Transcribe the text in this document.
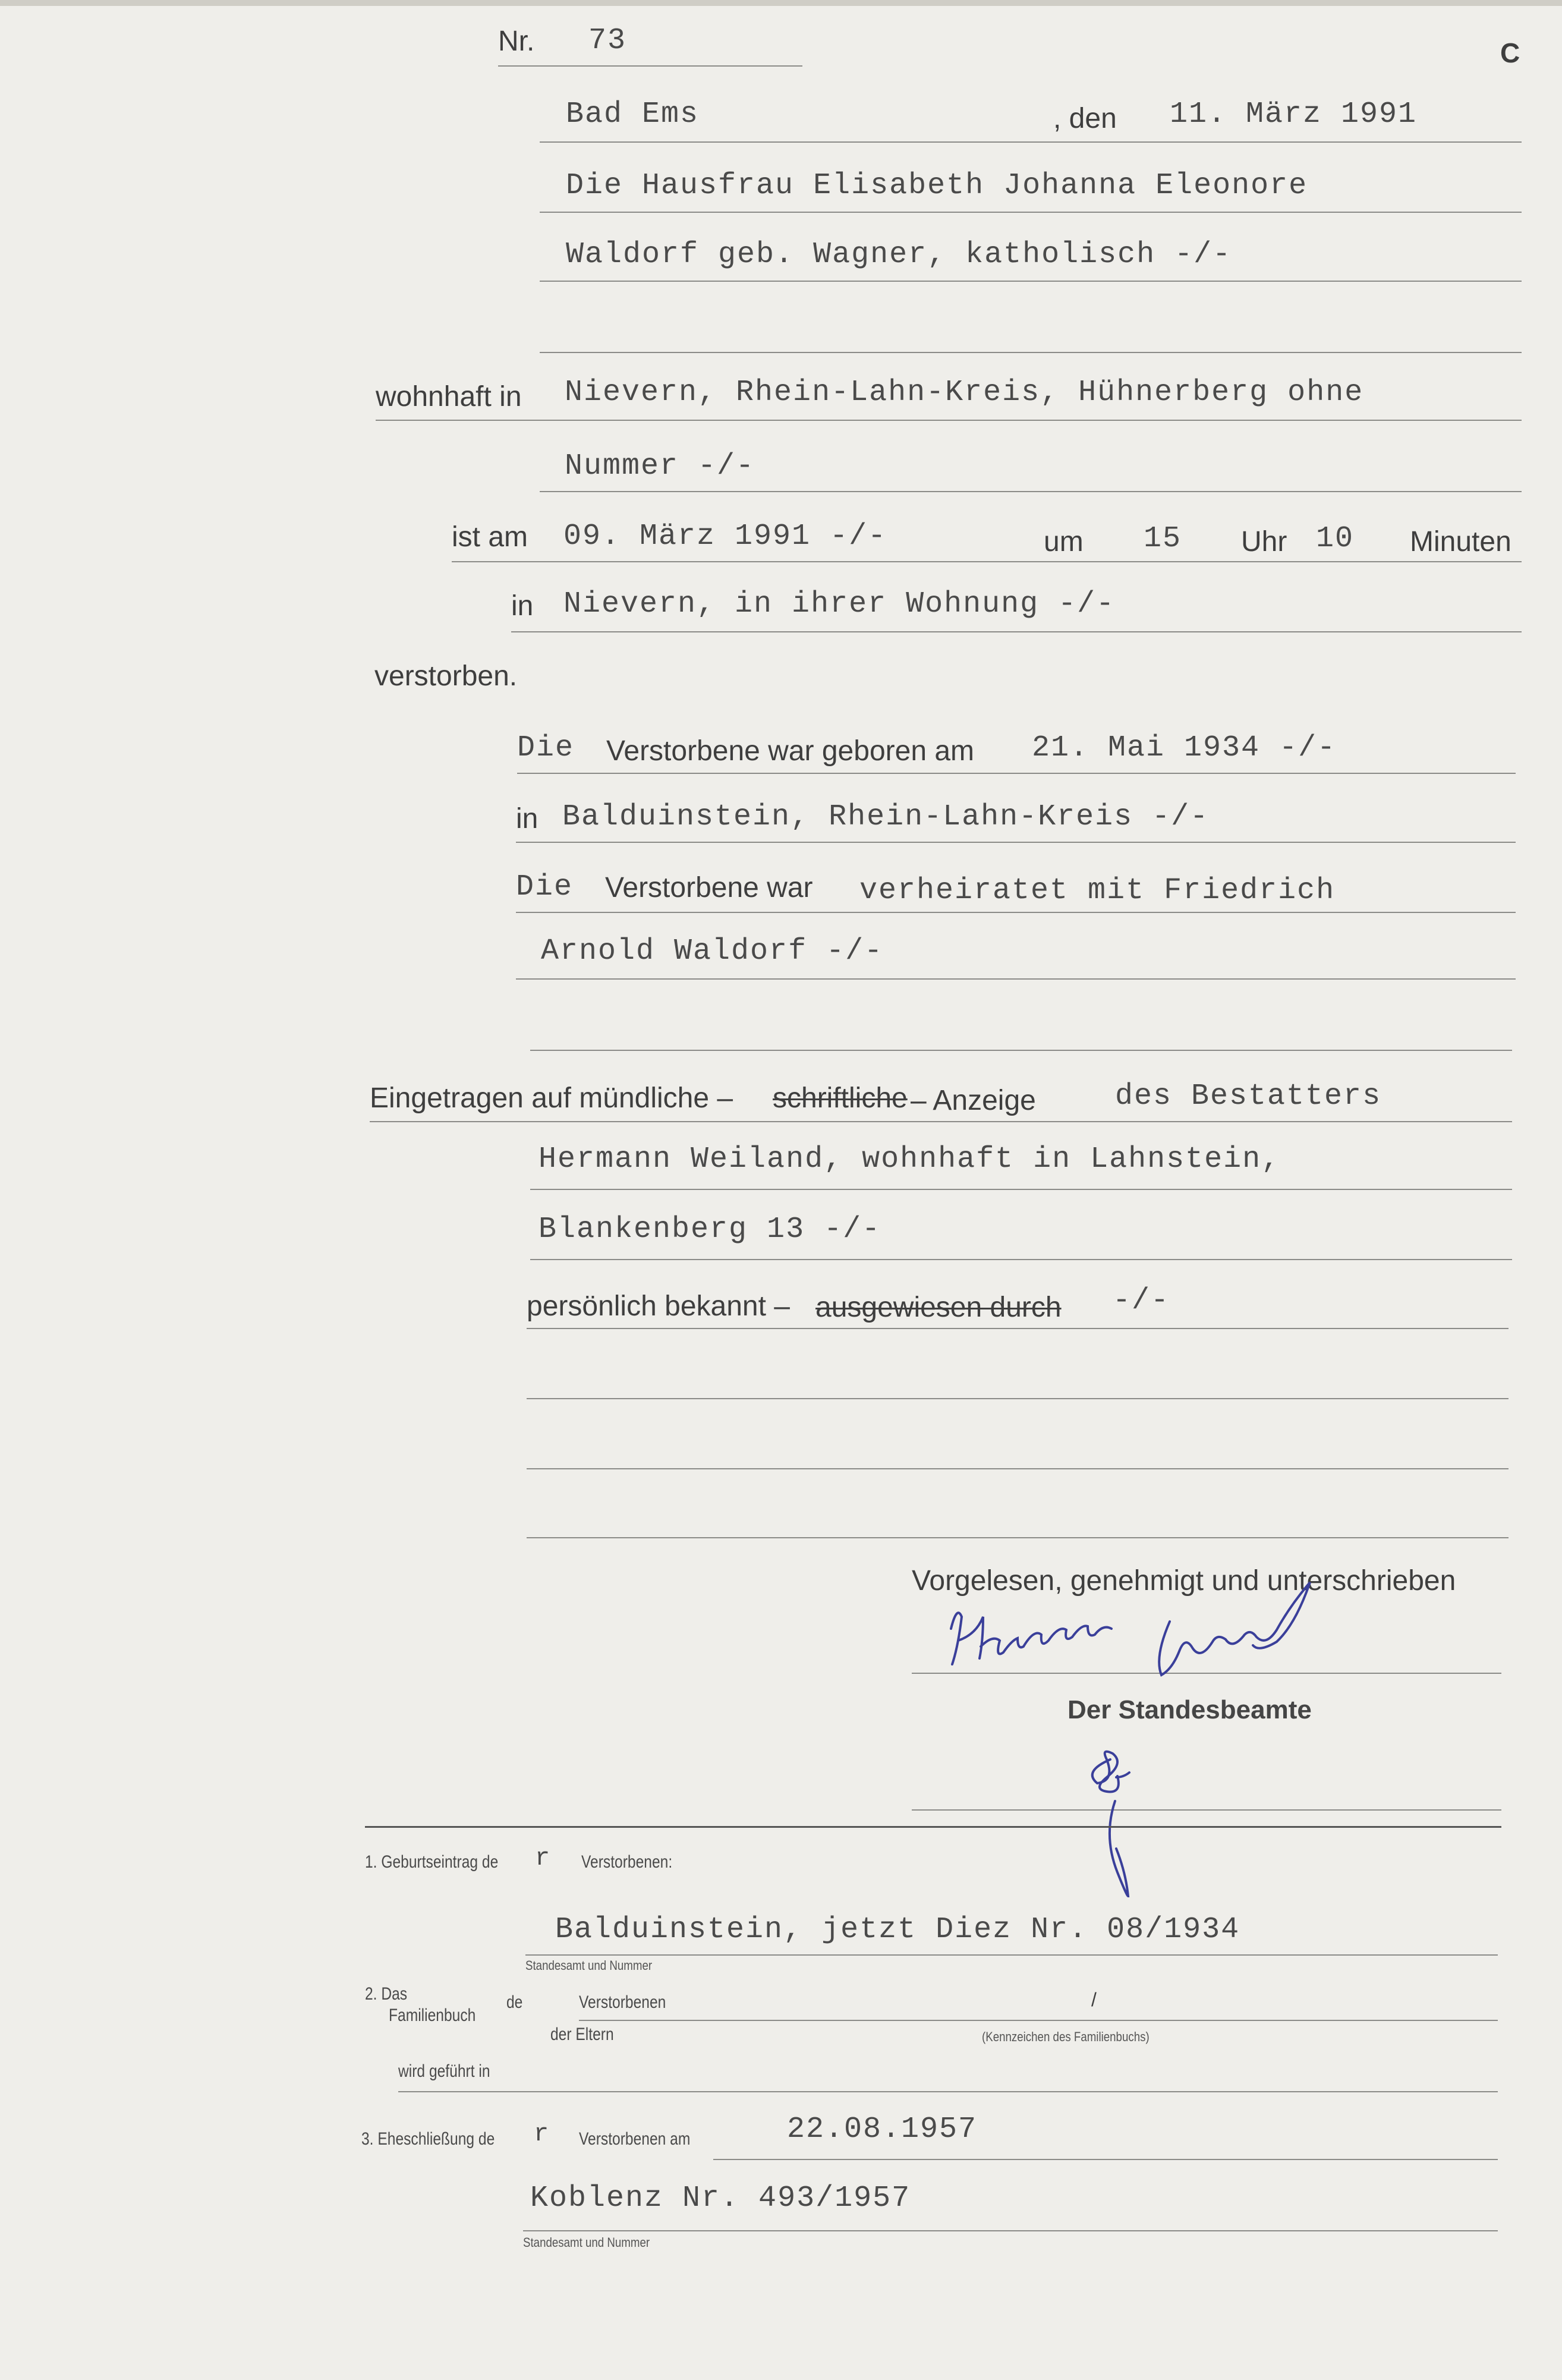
Nr. 73	C
Bad Ems	, den 11. März 1991
Die Hausfrau Elisabeth Johanna Eleonore
Waldorf geb. Wagner, katholisch -/-
wohnhaft in Nievern, Rhein-Lahn-Kreis, Hühnerberg ohne
Nummer -/-
ist am 09. März 1991 -/-	um 15 Uhr 10 Minuten
in Nievern, in ihrer Wohnung -/-
verstorben.
Die Verstorbene war geboren am 21. Mai 1934 -/-
in Balduinstein, Rhein-Lahn-Kreis -/-
Die Verstorbene war verheiratet mit Friedrich
Arnold Waldorf -/-
Eingetragen auf mündliche – schriftliche – Anzeige	des Bestatters
Hermann Weiland, wohnhaft in Lahnstein,
Blankenberg 13 -/-
persönlich bekannt – ausgewiesen durch -/-
Vorgelesen, genehmigt und unterschrieben
Der Standesbeamte
1. Geburtseintrag de r Verstorbenen:
Balduinstein, jetzt Diez Nr. 08/1934
Standesamt und Nummer
2. Das
Familienbuch
de	Verstorbenen	/
der Eltern	(Kennzeichen des Familienbuchs)
wird geführt in
3. Eheschließung de r Verstorbenen am	22.08.1957
Koblenz Nr. 493/1957
Standesamt und Nummer
